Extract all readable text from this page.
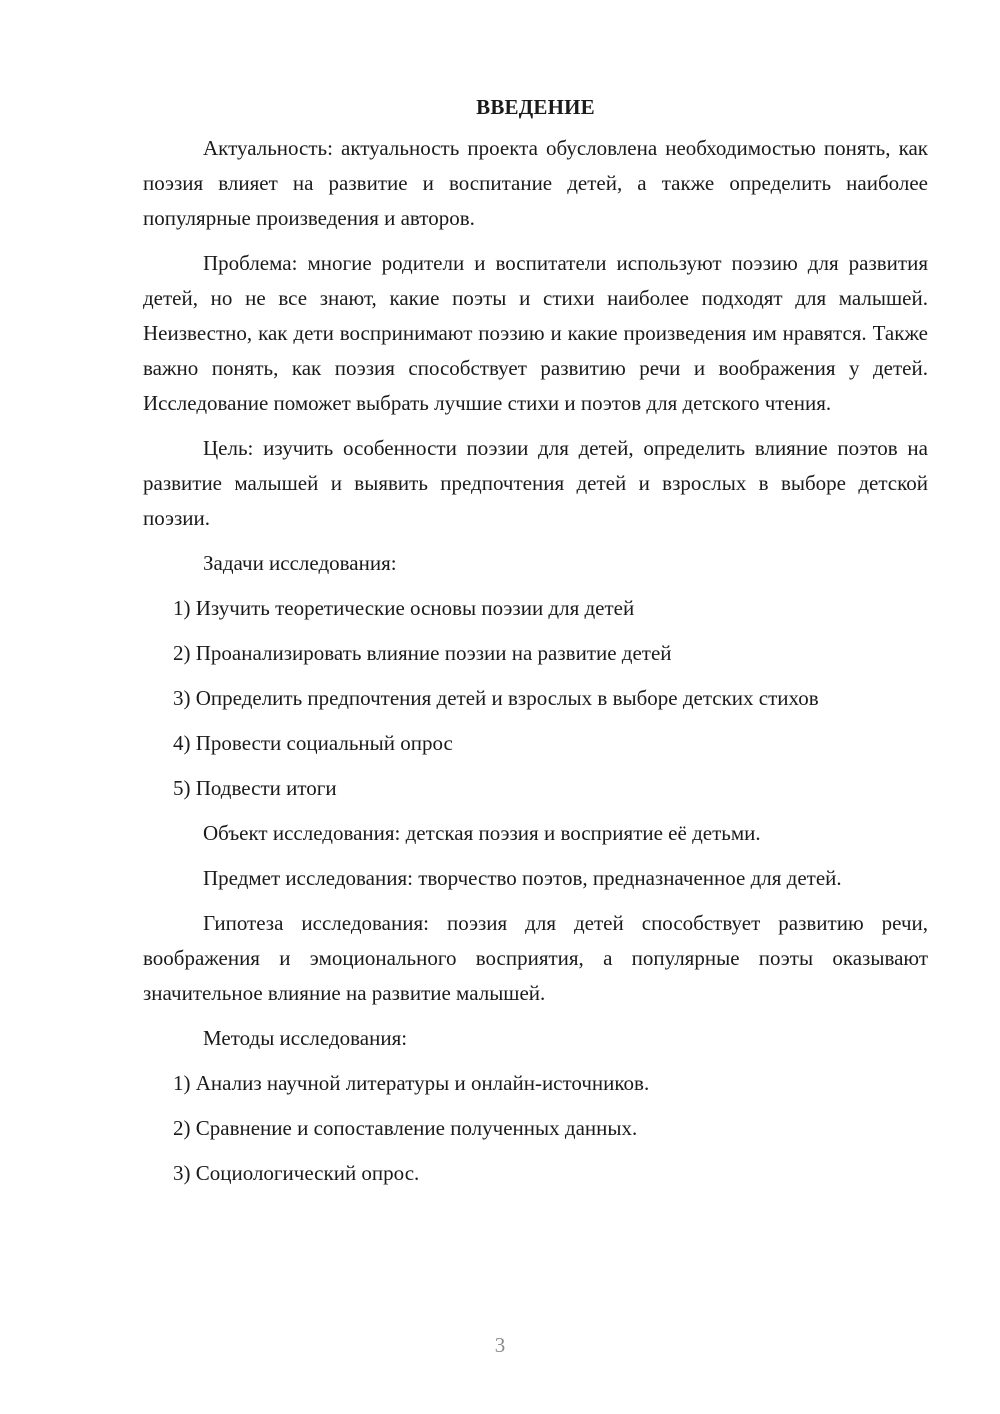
ВВЕДЕНИЕ

Актуальность: актуальность проекта обусловлена необходимостью понять, как поэзия влияет на развитие и воспитание детей, а также определить наиболее популярные произведения и авторов.

Проблема: многие родители и воспитатели используют поэзию для развития детей, но не все знают, какие поэты и стихи наиболее подходят для малышей. Неизвестно, как дети воспринимают поэзию и какие произведения им нравятся. Также важно понять, как поэзия способствует развитию речи и воображения у детей. Исследование поможет выбрать лучшие стихи и поэтов для детского чтения.

Цель: изучить особенности поэзии для детей, определить влияние поэтов на развитие малышей и выявить предпочтения детей и взрослых в выборе детской поэзии.

Задачи исследования:

1) Изучить теоретические основы поэзии для детей

2) Проанализировать влияние поэзии на развитие детей

3) Определить предпочтения детей и взрослых в выборе детских стихов

4) Провести социальный опрос

5) Подвести итоги

Объект исследования: детская поэзия и восприятие её детьми.

Предмет исследования: творчество поэтов, предназначенное для детей.

Гипотеза исследования: поэзия для детей способствует развитию речи, воображения и эмоционального восприятия, а популярные поэты оказывают значительное влияние на развитие малышей.

Методы исследования:

1) Анализ научной литературы и онлайн-источников.

2) Сравнение и сопоставление полученных данных.

3) Социологический опрос.

3
